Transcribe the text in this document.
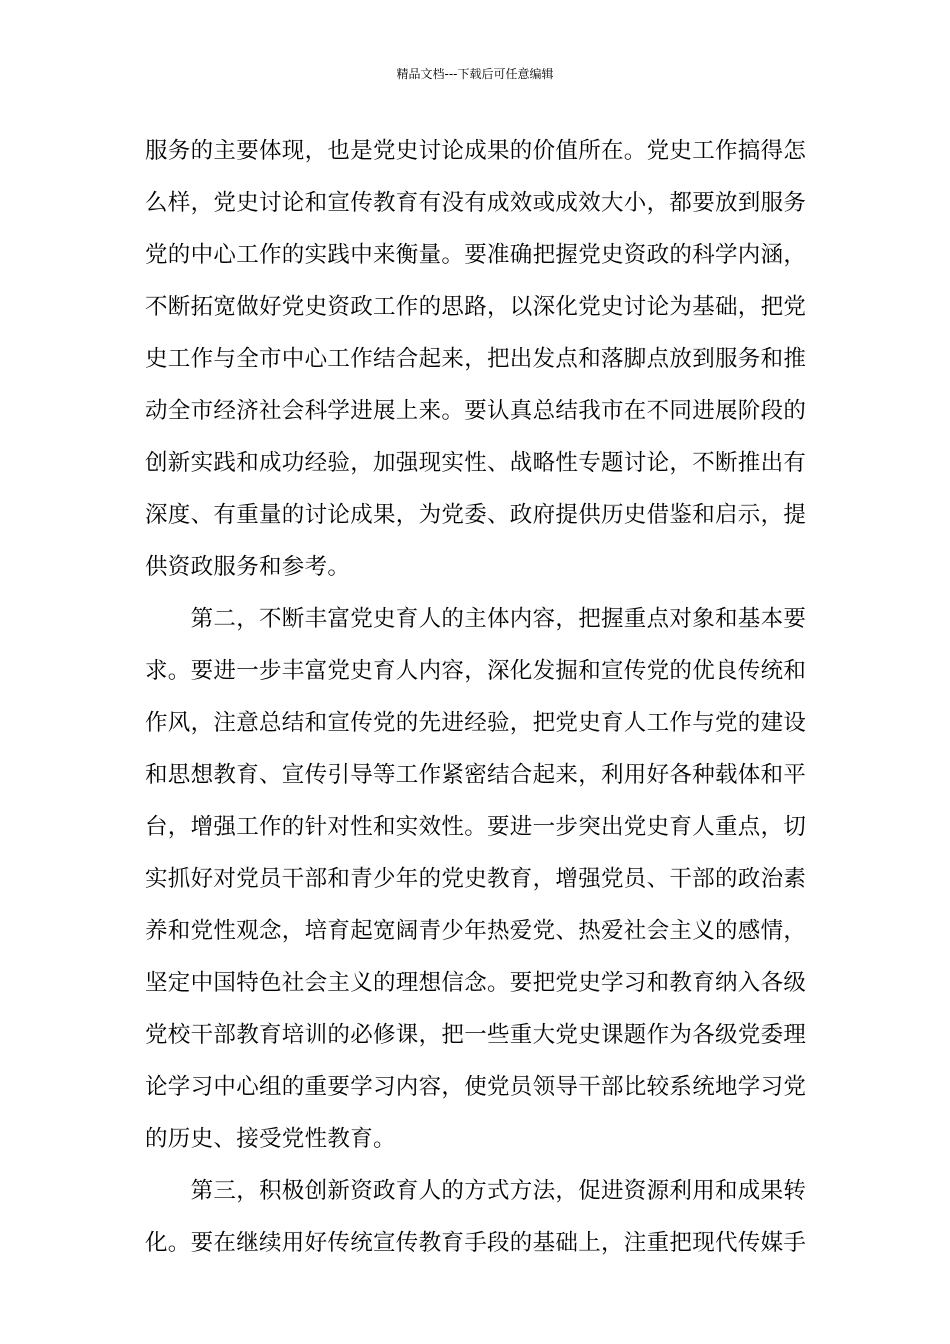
精品文档---下载后可任意编辑
服务的主要体现，也是党史讨论成果的价值所在。党史工作搞得怎
么样，党史讨论和宣传教育有没有成效或成效大小，都要放到服务
党的中心工作的实践中来衡量。要准确把握党史资政的科学内涵，
不断拓宽做好党史资政工作的思路，以深化党史讨论为基础，把党
史工作与全市中心工作结合起来，把出发点和落脚点放到服务和推
动全市经济社会科学进展上来。要认真总结我市在不同进展阶段的
创新实践和成功经验，加强现实性、战略性专题讨论，不断推出有
深度、有重量的讨论成果，为党委、政府提供历史借鉴和启示，提
供资政服务和参考。
　　第二，不断丰富党史育人的主体内容，把握重点对象和基本要
求。要进一步丰富党史育人内容，深化发掘和宣传党的优良传统和
作风，注意总结和宣传党的先进经验，把党史育人工作与党的建设
和思想教育、宣传引导等工作紧密结合起来，利用好各种载体和平
台，增强工作的针对性和实效性。要进一步突出党史育人重点，切
实抓好对党员干部和青少年的党史教育，增强党员、干部的政治素
养和党性观念，培育起宽阔青少年热爱党、热爱社会主义的感情，
坚定中国特色社会主义的理想信念。要把党史学习和教育纳入各级
党校干部教育培训的必修课，把一些重大党史课题作为各级党委理
论学习中心组的重要学习内容，使党员领导干部比较系统地学习党
的历史、接受党性教育。
　　第三，积极创新资政育人的方式方法，促进资源利用和成果转
化。要在继续用好传统宣传教育手段的基础上，注重把现代传媒手
